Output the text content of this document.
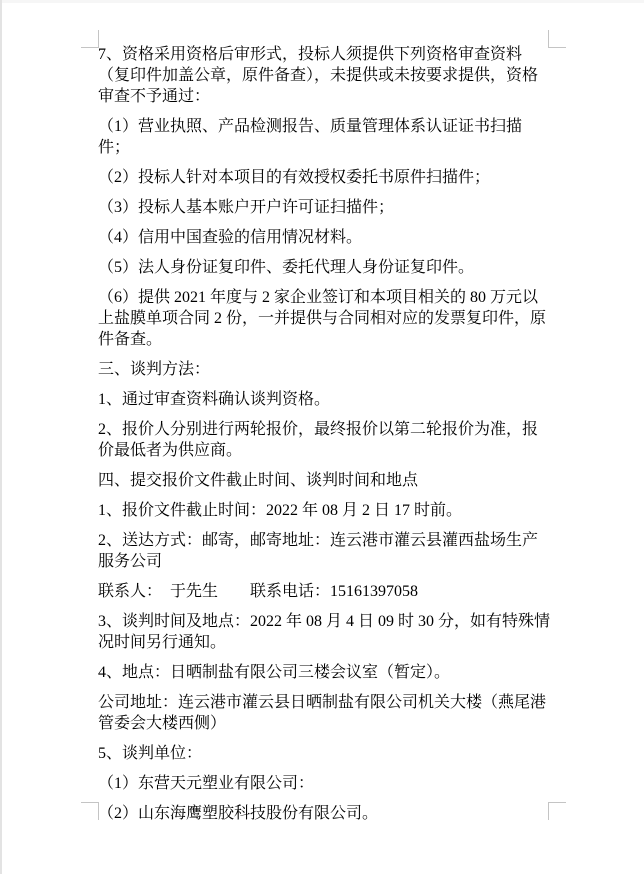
7、资格采用资格后审形式，投标人须提供下列资格审查资料（复印件加盖公章，原件备查），未提供或未按要求提供，资格审查不予通过：

（1）营业执照、产品检测报告、质量管理体系认证证书扫描件；

（2）投标人针对本项目的有效授权委托书原件扫描件；

（3）投标人基本账户开户许可证扫描件；

（4）信用中国查验的信用情况材料。

（5）法人身份证复印件、委托代理人身份证复印件。

（6）提供 2021 年度与 2 家企业签订和本项目相关的 80 万元以上盐膜单项合同 2 份，一并提供与合同相对应的发票复印件，原件备查。

三、谈判方法：

1、通过审查资料确认谈判资格。

2、报价人分别进行两轮报价，最终报价以第二轮报价为准，报价最低者为供应商。

四、提交报价文件截止时间、谈判时间和地点

1、报价文件截止时间：2022 年 08 月 2 日 17 时前。

2、送达方式：邮寄，邮寄地址：连云港市灌云县灌西盐场生产服务公司

联系人：  于先生        联系电话：15161397058

3、谈判时间及地点：2022 年 08 月 4 日 09 时 30 分，如有特殊情况时间另行通知。

4、地点：日晒制盐有限公司三楼会议室（暂定）。

公司地址：连云港市灌云县日晒制盐有限公司机关大楼（燕尾港管委会大楼西侧）

5、谈判单位：

（1）东营天元塑业有限公司：

（2）山东海鹰塑胶科技股份有限公司。
